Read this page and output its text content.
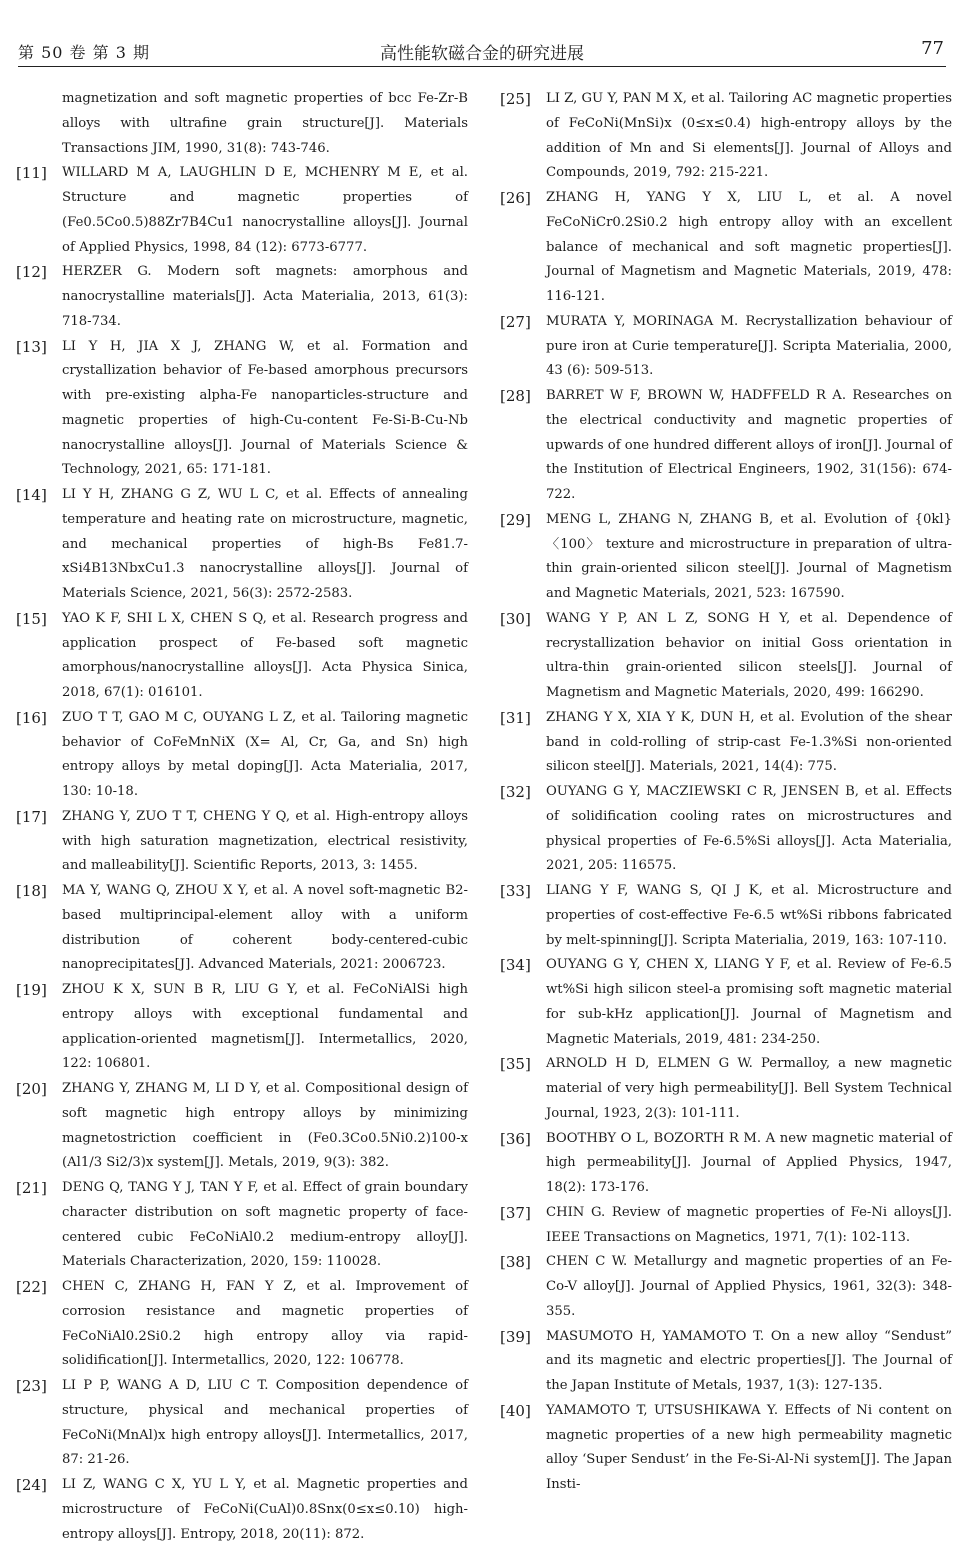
第 50 卷 第 3 期	高性能软磁合金的研究进展	77
magnetization and soft magnetic properties of bcc Fe-Zr-B alloys with ultrafine grain structure[J]. Materials Transactions JIM, 1990, 31(8): 743-746.
[11]	WILLARD M A, LAUGHLIN D E, MCHENRY M E, et al. Structure and magnetic properties of (Fe0.5Co0.5)88Zr7B4Cu1 nanocrystalline alloys[J]. Journal of Applied Physics, 1998, 84 (12): 6773-6777.
[12]	HERZER G. Modern soft magnets: amorphous and nanocrystalline materials[J]. Acta Materialia, 2013, 61(3): 718-734.
[13]	LI Y H, JIA X J, ZHANG W, et al. Formation and crystallization behavior of Fe-based amorphous precursors with pre-existing alpha-Fe nanoparticles-structure and magnetic properties of high-Cu-content Fe-Si-B-Cu-Nb nanocrystalline alloys[J]. Journal of Materials Science & Technology, 2021, 65: 171-181.
[14]	LI Y H, ZHANG G Z, WU L C, et al. Effects of annealing temperature and heating rate on microstructure, magnetic, and mechanical properties of high-Bs Fe81.7-xSi4B13NbxCu1.3 nanocrystalline alloys[J]. Journal of Materials Science, 2021, 56(3): 2572-2583.
[15]	YAO K F, SHI L X, CHEN S Q, et al. Research progress and application prospect of Fe-based soft magnetic amorphous/nanocrystalline alloys[J]. Acta Physica Sinica, 2018, 67(1): 016101.
[16]	ZUO T T, GAO M C, OUYANG L Z, et al. Tailoring magnetic behavior of CoFeMnNiX (X= Al, Cr, Ga, and Sn) high entropy alloys by metal doping[J]. Acta Materialia, 2017, 130: 10-18.
[17]	ZHANG Y, ZUO T T, CHENG Y Q, et al. High-entropy alloys with high saturation magnetization, electrical resistivity, and malleability[J]. Scientific Reports, 2013, 3: 1455.
[18]	MA Y, WANG Q, ZHOU X Y, et al. A novel soft-magnetic B2-based multiprincipal-element alloy with a uniform distribution of coherent body-centered-cubic nanoprecipitates[J]. Advanced Materials, 2021: 2006723.
[19]	ZHOU K X, SUN B R, LIU G Y, et al. FeCoNiAlSi high entropy alloys with exceptional fundamental and application-oriented magnetism[J]. Intermetallics, 2020, 122: 106801.
[20]	ZHANG Y, ZHANG M, LI D Y, et al. Compositional design of soft magnetic high entropy alloys by minimizing magnetostriction coefficient in (Fe0.3Co0.5Ni0.2)100-x (Al1/3 Si2/3)x system[J]. Metals, 2019, 9(3): 382.
[21]	DENG Q, TANG Y J, TAN Y F, et al. Effect of grain boundary character distribution on soft magnetic property of face-centered cubic FeCoNiAl0.2 medium-entropy alloy[J]. Materials Characterization, 2020, 159: 110028.
[22]	CHEN C, ZHANG H, FAN Y Z, et al. Improvement of corrosion resistance and magnetic properties of FeCoNiAl0.2Si0.2 high entropy alloy via rapid-solidification[J]. Intermetallics, 2020, 122: 106778.
[23]	LI P P, WANG A D, LIU C T. Composition dependence of structure, physical and mechanical properties of FeCoNi(MnAl)x high entropy alloys[J]. Intermetallics, 2017, 87: 21-26.
[24]	LI Z, WANG C X, YU L Y, et al. Magnetic properties and microstructure of FeCoNi(CuAl)0.8Snx(0≤x≤0.10) high-entropy alloys[J]. Entropy, 2018, 20(11): 872.
[25]	LI Z, GU Y, PAN M X, et al. Tailoring AC magnetic properties of FeCoNi(MnSi)x (0≤x≤0.4) high-entropy alloys by the addition of Mn and Si elements[J]. Journal of Alloys and Compounds, 2019, 792: 215-221.
[26]	ZHANG H, YANG Y X, LIU L, et al. A novel FeCoNiCr0.2Si0.2 high entropy alloy with an excellent balance of mechanical and soft magnetic properties[J]. Journal of Magnetism and Magnetic Materials, 2019, 478: 116-121.
[27]	MURATA Y, MORINAGA M. Recrystallization behaviour of pure iron at Curie temperature[J]. Scripta Materialia, 2000, 43 (6): 509-513.
[28]	BARRET W F, BROWN W, HADFFELD R A. Researches on the electrical conductivity and magnetic properties of upwards of one hundred different alloys of iron[J]. Journal of the Institution of Electrical Engineers, 1902, 31(156): 674-722.
[29]	MENG L, ZHANG N, ZHANG B, et al. Evolution of {0kl}〈100〉 texture and microstructure in preparation of ultra-thin grain-oriented silicon steel[J]. Journal of Magnetism and Magnetic Materials, 2021, 523: 167590.
[30]	WANG Y P, AN L Z, SONG H Y, et al. Dependence of recrystallization behavior on initial Goss orientation in ultra-thin grain-oriented silicon steels[J]. Journal of Magnetism and Magnetic Materials, 2020, 499: 166290.
[31]	ZHANG Y X, XIA Y K, DUN H, et al. Evolution of the shear band in cold-rolling of strip-cast Fe-1.3%Si non-oriented silicon steel[J]. Materials, 2021, 14(4): 775.
[32]	OUYANG G Y, MACZIEWSKI C R, JENSEN B, et al. Effects of solidification cooling rates on microstructures and physical properties of Fe-6.5%Si alloys[J]. Acta Materialia, 2021, 205: 116575.
[33]	LIANG Y F, WANG S, QI J K, et al. Microstructure and properties of cost-effective Fe-6.5 wt%Si ribbons fabricated by melt-spinning[J]. Scripta Materialia, 2019, 163: 107-110.
[34]	OUYANG G Y, CHEN X, LIANG Y F, et al. Review of Fe-6.5 wt%Si high silicon steel-a promising soft magnetic material for sub-kHz application[J]. Journal of Magnetism and Magnetic Materials, 2019, 481: 234-250.
[35]	ARNOLD H D, ELMEN G W. Permalloy, a new magnetic material of very high permeability[J]. Bell System Technical Journal, 1923, 2(3): 101-111.
[36]	BOOTHBY O L, BOZORTH R M. A new magnetic material of high permeability[J]. Journal of Applied Physics, 1947, 18(2): 173-176.
[37]	CHIN G. Review of magnetic properties of Fe-Ni alloys[J]. IEEE Transactions on Magnetics, 1971, 7(1): 102-113.
[38]	CHEN C W. Metallurgy and magnetic properties of an Fe-Co-V alloy[J]. Journal of Applied Physics, 1961, 32(3): 348-355.
[39]	MASUMOTO H, YAMAMOTO T. On a new alloy “Sendust” and its magnetic and electric properties[J]. The Journal of the Japan Institute of Metals, 1937, 1(3): 127-135.
[40]	YAMAMOTO T, UTSUSHIKAWA Y. Effects of Ni content on magnetic properties of a new high permeability magnetic alloy ‘Super Sendust’ in the Fe-Si-Al-Ni system[J]. The Japan Insti-
